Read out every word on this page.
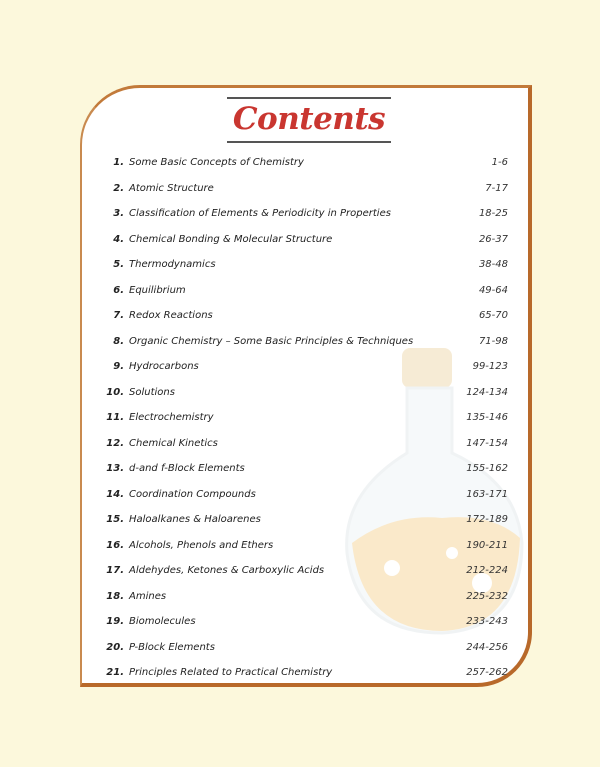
Contents
1. Some Basic Concepts of Chemistry	1-6
2. Atomic Structure	7-17
3. Classification of Elements & Periodicity in Properties	18-25
4. Chemical Bonding & Molecular Structure	26-37
5. Thermodynamics	38-48
6. Equilibrium	49-64
7. Redox Reactions	65-70
8. Organic Chemistry – Some Basic Principles & Techniques	71-98
9. Hydrocarbons	99-123
10. Solutions	124-134
11. Electrochemistry	135-146
12. Chemical Kinetics	147-154
13. d-and f-Block Elements	155-162
14. Coordination Compounds	163-171
15. Haloalkanes & Haloarenes	172-189
16. Alcohols, Phenols and Ethers	190-211
17. Aldehydes, Ketones & Carboxylic Acids	212-224
18. Amines	225-232
19. Biomolecules	233-243
20. P-Block Elements	244-256
21. Principles Related to Practical Chemistry	257-262
